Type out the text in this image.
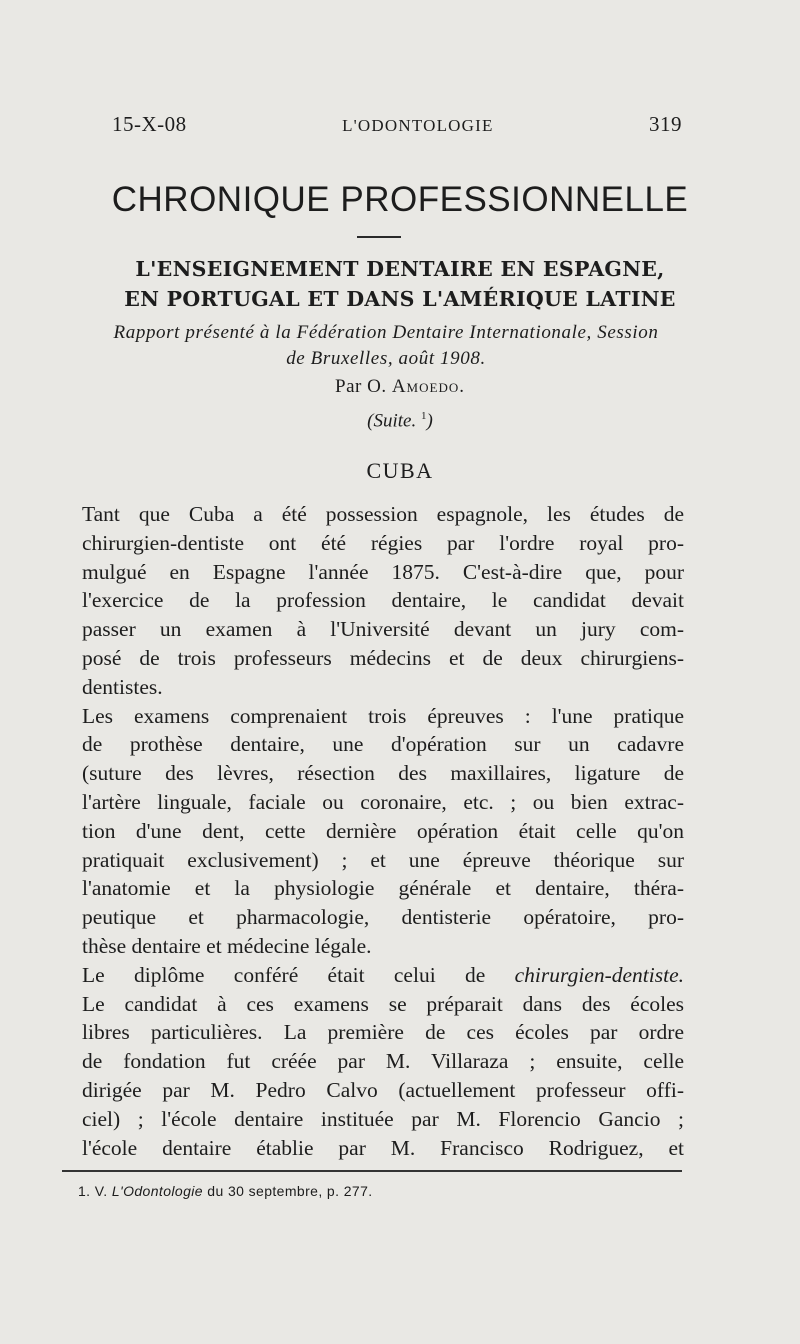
15-X-08	L'ODONTOLOGIE	319
CHRONIQUE PROFESSIONNELLE
L'ENSEIGNEMENT DENTAIRE EN ESPAGNE,
EN PORTUGAL ET DANS L'AMÉRIQUE LATINE
Rapport présenté à la Fédération Dentaire Internationale, Session
de Bruxelles, août 1908.
Par O. Amoedo.
(Suite. $^1$)
CUBA

Tant que Cuba a été possession espagnole, les études de
chirurgien-dentiste ont été régies par l'ordre royal pro-
mulgué en Espagne l'année 1875. C'est-à-dire que, pour
l'exercice de la profession dentaire, le candidat devait
passer un examen à l'Université devant un jury com-
posé de trois professeurs médecins et de deux chirurgiens-
dentistes.

Les examens comprenaient trois épreuves : l'une pratique
de prothèse dentaire, une d'opération sur un cadavre
(suture des lèvres, résection des maxillaires, ligature de
l'artère linguale, faciale ou coronaire, etc. ; ou bien extrac-
tion d'une dent, cette dernière opération était celle qu'on
pratiquait exclusivement) ; et une épreuve théorique sur
l'anatomie et la physiologie générale et dentaire, théra-
peutique et pharmacologie, dentisterie opératoire, pro-
thèse dentaire et médecine légale.

Le diplôme conféré était celui de chirurgien-dentiste.
Le candidat à ces examens se préparait dans des écoles
libres particulières. La première de ces écoles par ordre
de fondation fut créée par M. Villaraza ; ensuite, celle
dirigée par M. Pedro Calvo (actuellement professeur offi-
ciel) ; l'école dentaire instituée par M. Florencio Gancio ;
l'école dentaire établie par M. Francisco Rodriguez, et

1. V. L'Odontologie du 30 septembre, p. 277.
